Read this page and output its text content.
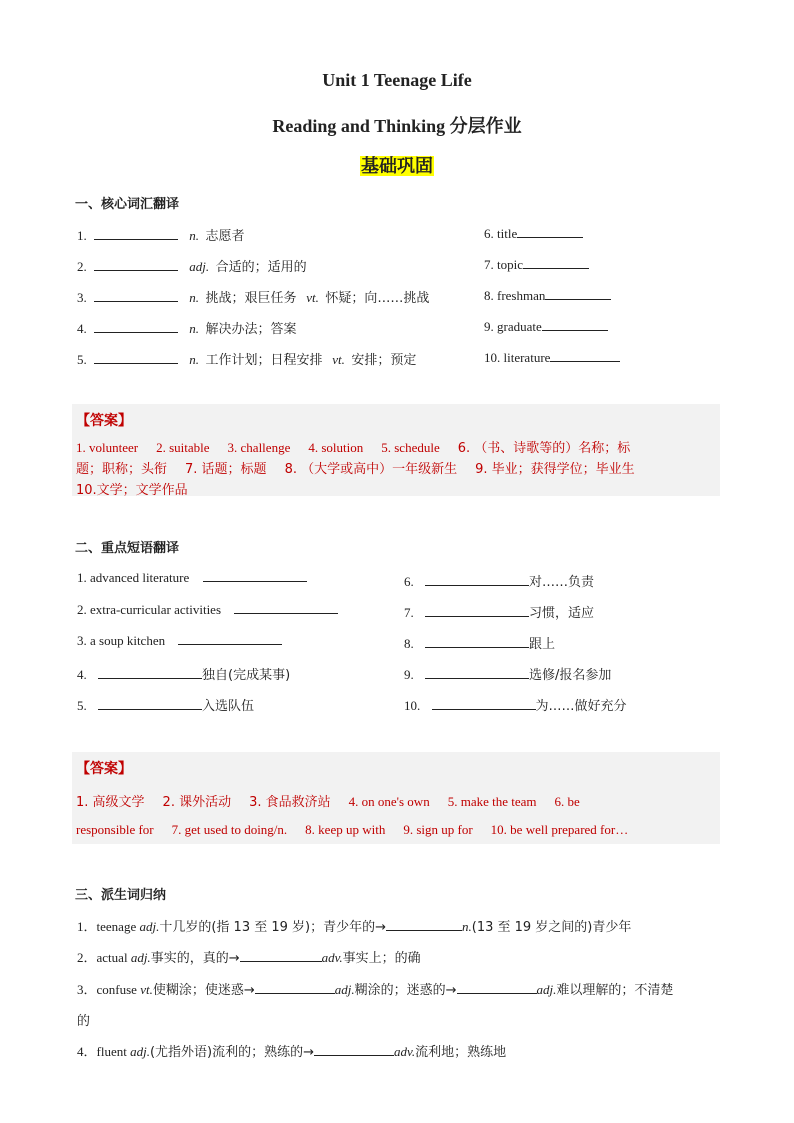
Unit 1 Teenage Life
Reading and Thinking 分层作业
基础巩固
一、核心词汇翻译
1.	n. 志愿者
2.	adj. 合适的；适用的
3.	n. 挑战；艰巨任务 vt. 怀疑；向……挑战
4.	n. 解决办法；答案
5.	n. 工作计划；日程安排 vt. 安排；预定
6. title
7. topic
8. freshman
9. graduate
10. literature
【答案】
1. volunteer 2. suitable 3. challenge 4. solution 5. schedule 6. （书、诗歌等的）名称；标
题；职称；头衔 7. 话题；标题 8. （大学或高中）一年级新生 9. 毕业；获得学位；毕业生
10.文学；文学作品
二、重点短语翻译
1. advanced literature
2. extra-curricular activities
3. a soup kitchen
4.	独自(完成某事)
5.	入选队伍
6.	对……负责
7.	习惯，适应
8.	跟上
9.	选修/报名参加
10.	为……做好充分
【答案】
1. 高级文学 2. 课外活动 3. 食品救济站 4. on one's own 5. make the team 6. be
responsible for 7. get used to doing/n. 8. keep up with 9. sign up for 10. be well prepared for…
三、派生词归纳
1．teenage adj.十几岁的(指 13 至 19 岁)；青少年的→	n.(13 至 19 岁之间的)青少年
2．actual adj.事实的，真的→	adv.事实上；的确
3．confuse vt.使糊涂；使迷惑→	adj.糊涂的；迷惑的→	adj.难以理解的；不清楚
的
4．fluent adj.(尤指外语)流利的；熟练的→	adv.流利地；熟练地
